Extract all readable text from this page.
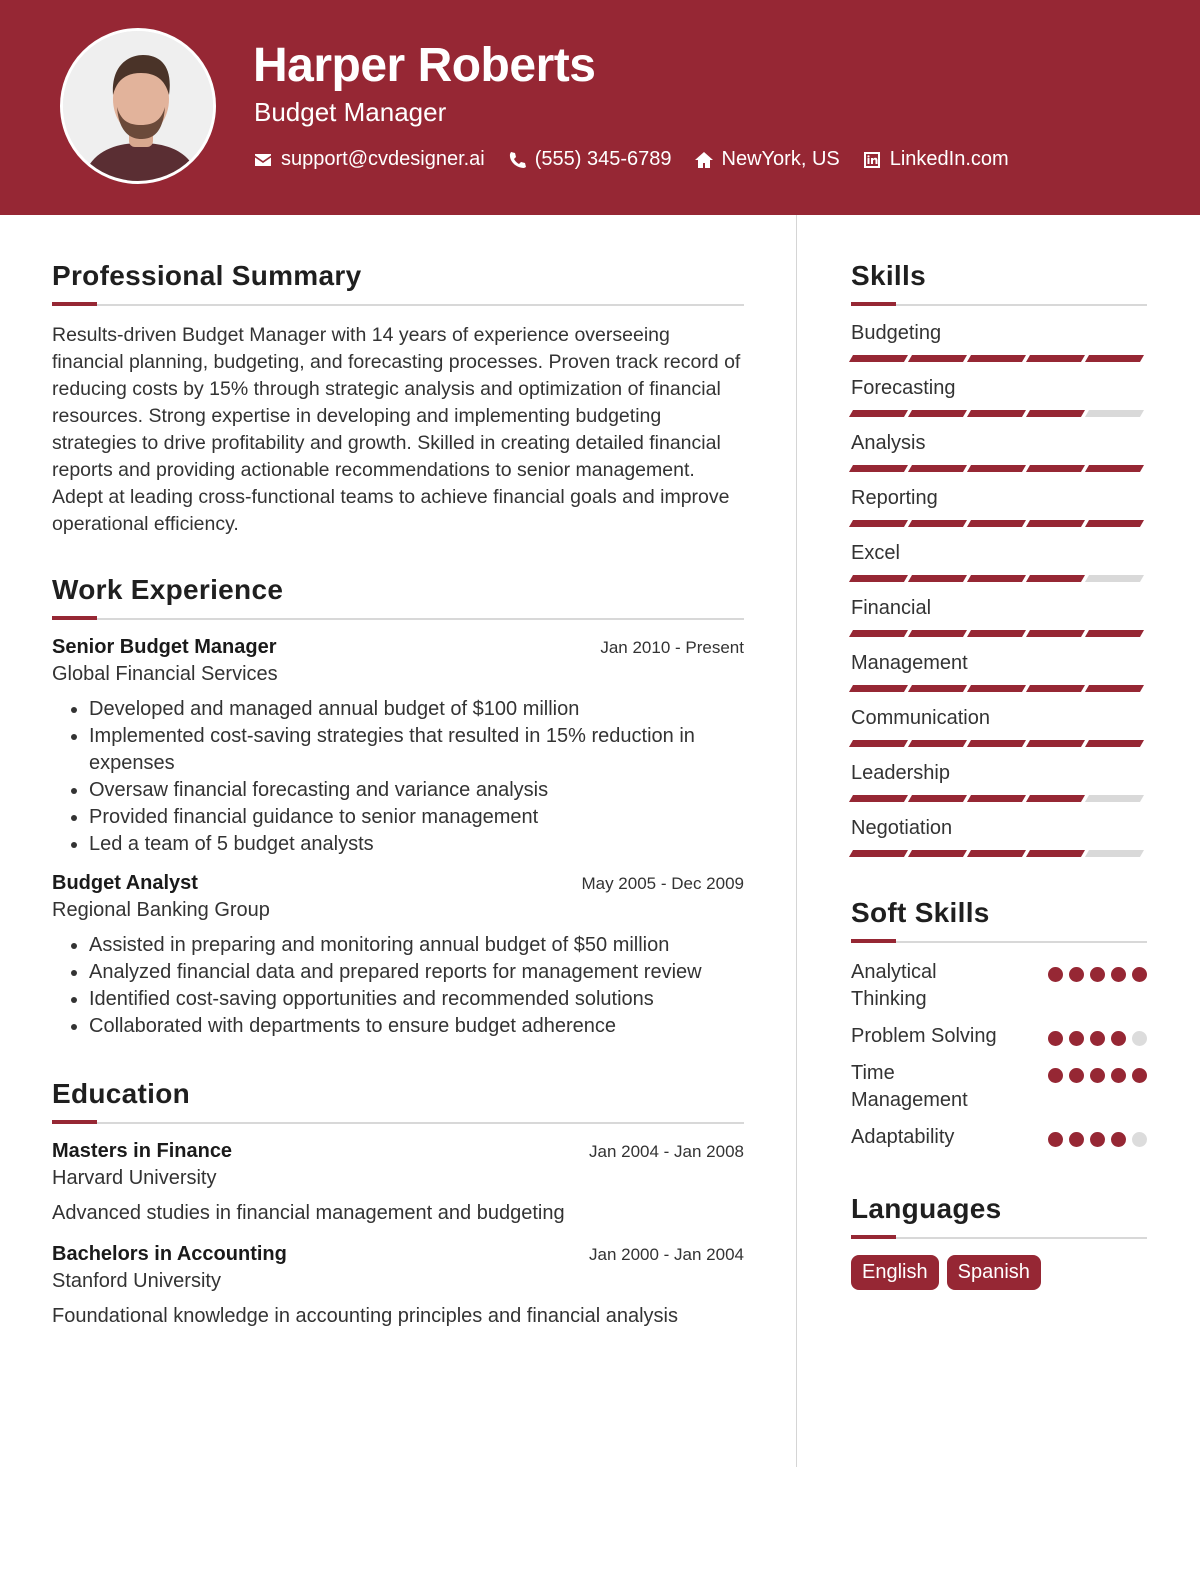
Harper Roberts
Budget Manager
support@cvdesigner.ai	(555) 345-6789	NewYork, US	LinkedIn.com
Professional Summary

Results-driven Budget Manager with 14 years of experience overseeing financial planning, budgeting, and forecasting processes. Proven track record of reducing costs by 15% through strategic analysis and optimization of financial resources. Strong expertise in developing and implementing budgeting strategies to drive profitability and growth. Skilled in creating detailed financial reports and providing actionable recommendations to senior management. Adept at leading cross-functional teams to achieve financial goals and improve operational efficiency.

Work Experience
Senior Budget Manager	Jan 2010 - Present
Global Financial Services
• Developed and managed annual budget of $100 million
• Implemented cost-saving strategies that resulted in 15% reduction in expenses
• Oversaw financial forecasting and variance analysis
• Provided financial guidance to senior management
• Led a team of 5 budget analysts
Budget Analyst	May 2005 - Dec 2009
Regional Banking Group
• Assisted in preparing and monitoring annual budget of $50 million
• Analyzed financial data and prepared reports for management review
• Identified cost-saving opportunities and recommended solutions
• Collaborated with departments to ensure budget adherence
Education
Masters in Finance	Jan 2004 - Jan 2008
Harvard University
Advanced studies in financial management and budgeting
Bachelors in Accounting	Jan 2000 - Jan 2004
Stanford University
Foundational knowledge in accounting principles and financial analysis
Skills
Budgeting
Forecasting
Analysis
Reporting
Excel
Financial
Management
Communication
Leadership
Negotiation
Soft Skills
Analytical Thinking
Problem Solving
Time Management
Adaptability
Languages
English	Spanish
